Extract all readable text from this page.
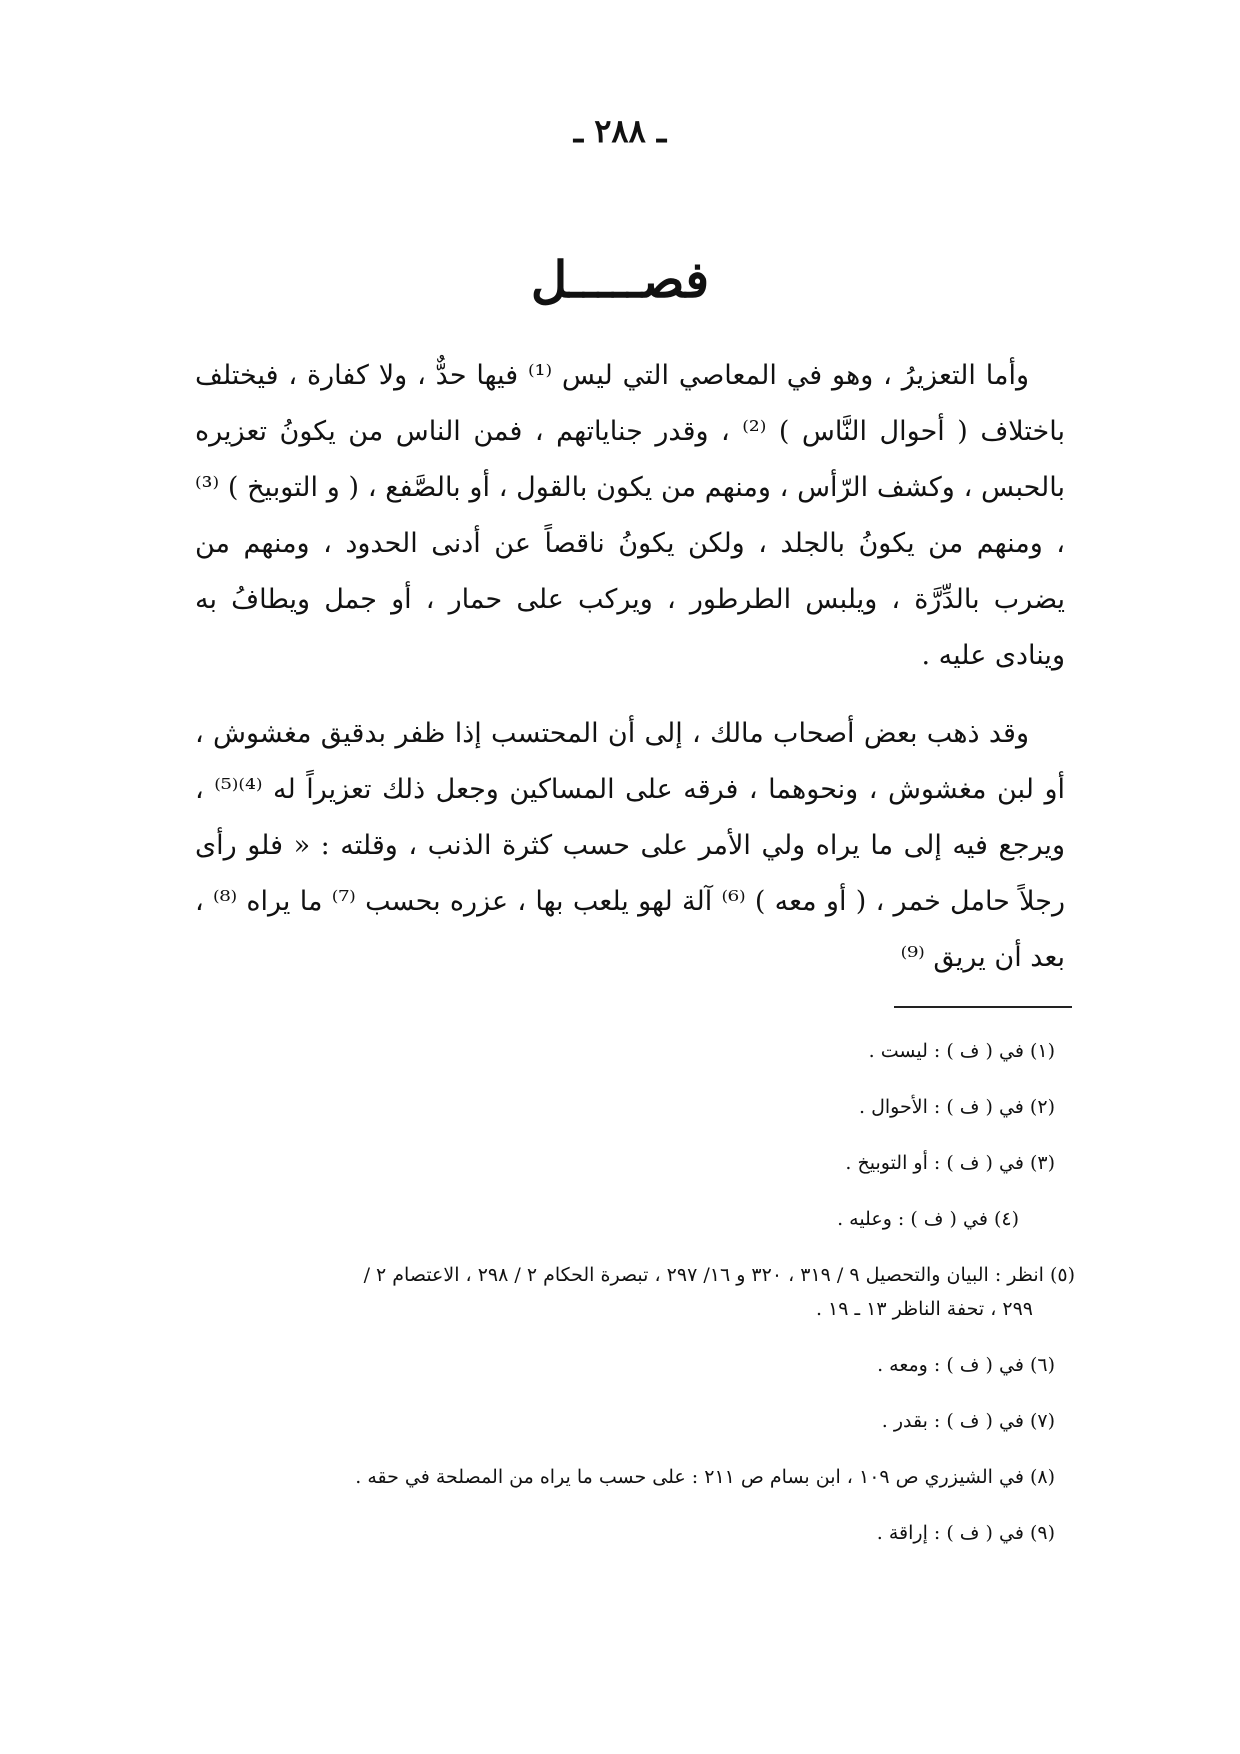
ـ ٢٨٨ ـ
فصـــــل

وأما التعزيرُ ، وهو في المعاصي التي ليس ⁽¹⁾ فيها حدٌّ ، ولا كفارة ، فيختلف باختلاف ( أحوال النَّاس ) ⁽²⁾ ، وقدر جناياتهم ، فمن الناس من يكونُ تعزيره بالحبس ، وكشف الرّأس ، ومنهم من يكون بالقول ، أو بالصَّفع ، ( و التوبيخ ) ⁽³⁾ ، ومنهم من يكونُ بالجلد ، ولكن يكونُ ناقصاً عن أدنى الحدود ، ومنهم من يضرب بالدِّرَّة ، ويلبس الطرطور ، ويركب على حمار ، أو جمل ويطافُ به وينادى عليه .

وقد ذهب بعض أصحاب مالك ، إلى أن المحتسب إذا ظفر بدقيق مغشوش ، أو لبن مغشوش ، ونحوهما ، فرقه على المساكين وجعل ذلك تعزيراً له ⁽⁴⁾⁽⁵⁾ ، ويرجع فيه إلى ما يراه ولي الأمر على حسب كثرة الذنب ، وقلته : « فلو رأى رجلاً حامل خمر ، ( أو معه ) ⁽⁶⁾ آلة لهو يلعب بها ، عزره بحسب ⁽⁷⁾ ما يراه ⁽⁸⁾ ، بعد أن يريق ⁽⁹⁾

(١) في ( ف ) : ليست .
(٢) في ( ف ) : الأحوال .
(٣) في ( ف ) : أو التوبيخ .
(٤) في ( ف ) : وعليه .
(٥) انظر : البيان والتحصيل ٩ / ٣١٩ ، ٣٢٠ و ١٦/ ٢٩٧ ، تبصرة الحكام ٢ / ٢٩٨ ، الاعتصام ٢ /
٢٩٩ ، تحفة الناظر ١٣ ـ ١٩ .
(٦) في ( ف ) : ومعه .
(٧) في ( ف ) : بقدر .
(٨) في الشيزري ص ١٠٩ ، ابن بسام ص ٢١١ : على حسب ما يراه من المصلحة في حقه .
(٩) في ( ف ) : إراقة .
